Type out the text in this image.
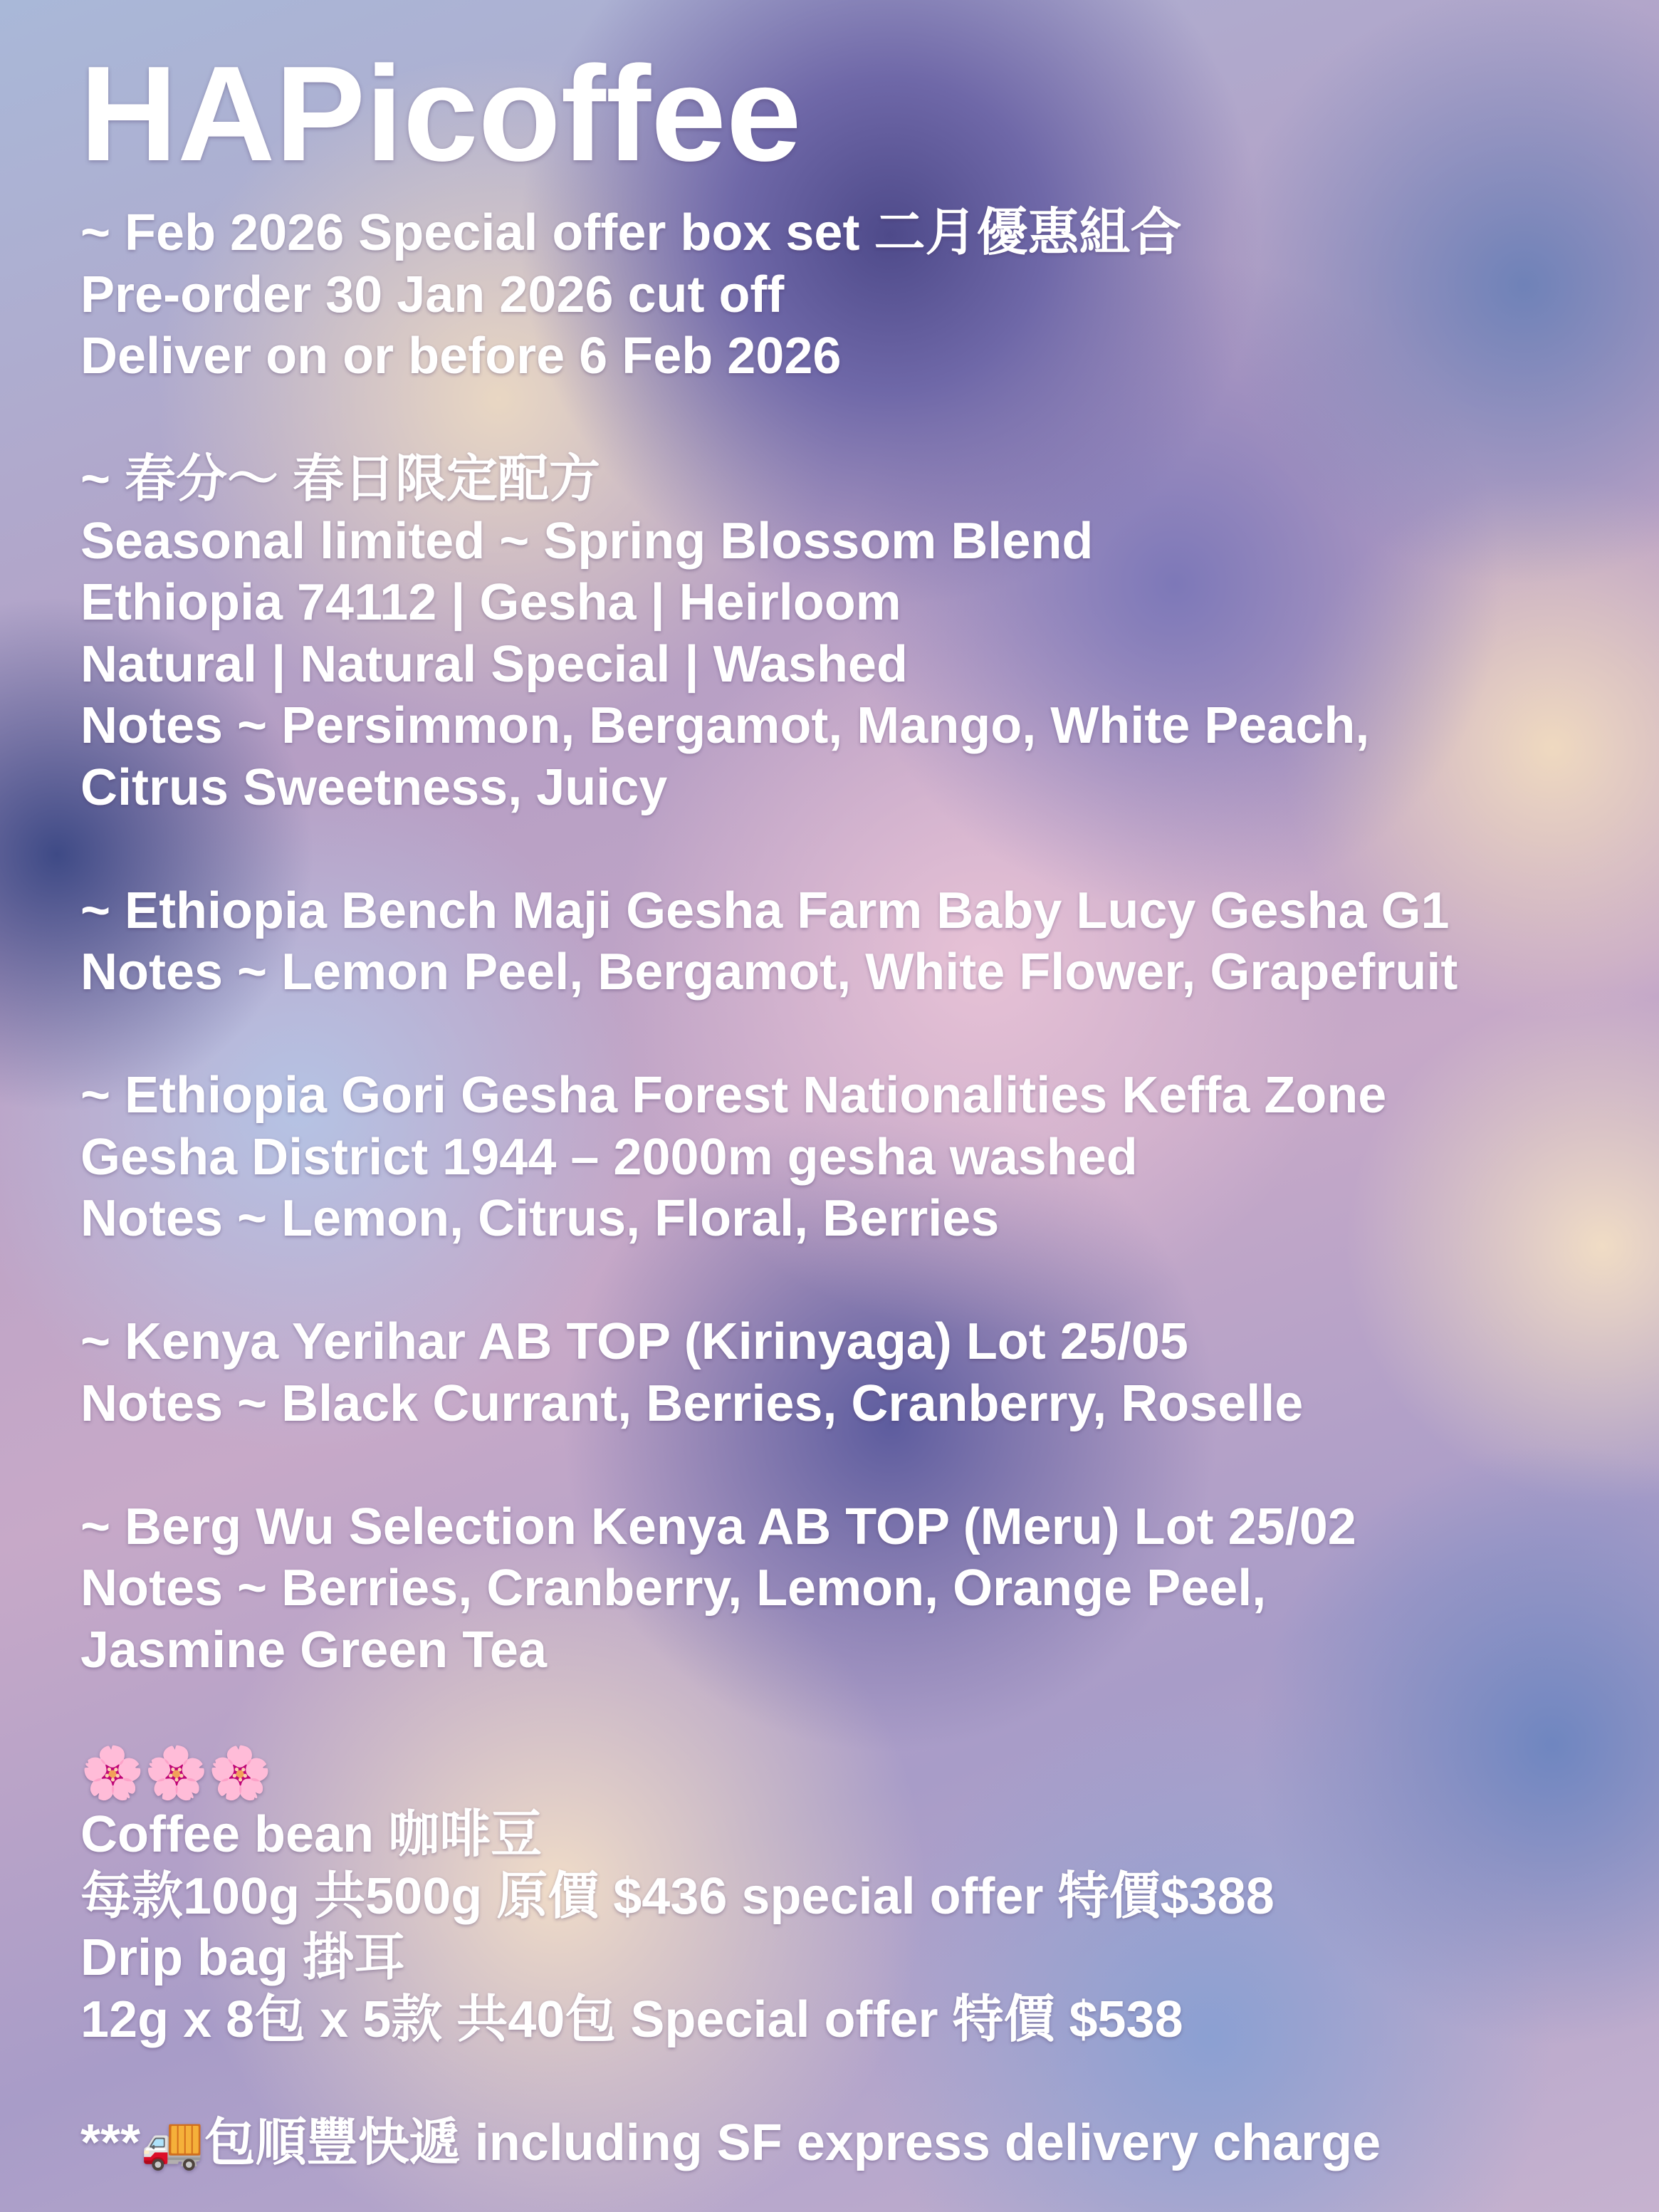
HAPicoffee
~ Feb 2026 Special offer box set 二月優惠組合
Pre-order 30 Jan 2026 cut off
Deliver on or before 6 Feb 2026
~ 春分～ 春日限定配方
Seasonal limited ~ Spring Blossom Blend
Ethiopia 74112 | Gesha | Heirloom
Natural | Natural Special | Washed
Notes ~ Persimmon, Bergamot, Mango, White Peach,
Citrus Sweetness, Juicy
~ Ethiopia Bench Maji Gesha Farm Baby Lucy Gesha G1
Notes ~ Lemon Peel, Bergamot, White Flower, Grapefruit
~ Ethiopia Gori Gesha Forest Nationalities Keffa Zone
Gesha District 1944 – 2000m gesha washed
Notes ~ Lemon, Citrus, Floral, Berries
~ Kenya Yerihar AB TOP (Kirinyaga) Lot 25/05
Notes ~ Black Currant, Berries, Cranberry, Roselle
~ Berg Wu Selection Kenya AB TOP (Meru) Lot 25/02
Notes ~ Berries, Cranberry, Lemon, Orange Peel,
Jasmine Green Tea
🌸🌸🌸
Coffee bean 咖啡豆
每款100g 共500g 原價 $436 special offer 特價$388
Drip bag 掛耳
12g x 8包 x 5款 共40包 Special offer 特價 $538
***🚚包順豐快遞 including SF express delivery charge
